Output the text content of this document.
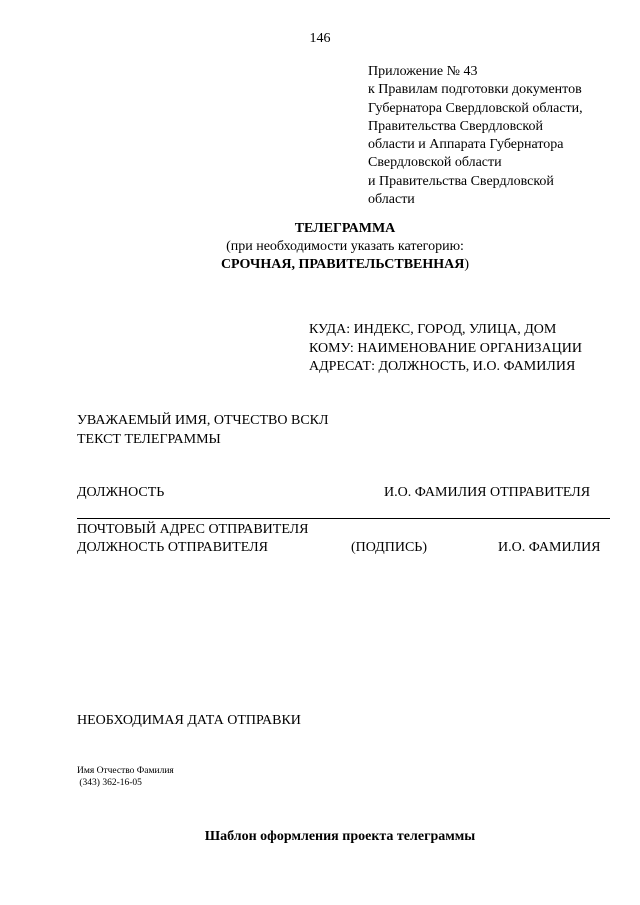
146
Приложение № 43
к Правилам подготовки документов
Губернатора Свердловской области,
Правительства Свердловской
области и Аппарата Губернатора
Свердловской области
и Правительства Свердловской
области
ТЕЛЕГРАММА
(при необходимости указать категорию:
СРОЧНАЯ, ПРАВИТЕЛЬСТВЕННАЯ)
КУДА: ИНДЕКС, ГОРОД, УЛИЦА, ДОМ
КОМУ: НАИМЕНОВАНИЕ ОРГАНИЗАЦИИ
АДРЕСАТ: ДОЛЖНОСТЬ, И.О. ФАМИЛИЯ
УВАЖАЕМЫЙ ИМЯ, ОТЧЕСТВО ВСКЛ
ТЕКСТ ТЕЛЕГРАММЫ
ДОЛЖНОСТЬ	И.О. ФАМИЛИЯ ОТПРАВИТЕЛЯ
ПОЧТОВЫЙ АДРЕС ОТПРАВИТЕЛЯ
ДОЛЖНОСТЬ ОТПРАВИТЕЛЯ	(ПОДПИСЬ)	И.О. ФАМИЛИЯ
НЕОБХОДИМАЯ ДАТА ОТПРАВКИ
Имя Отчество Фамилия
(343) 362-16-05
Шаблон оформления проекта телеграммы
